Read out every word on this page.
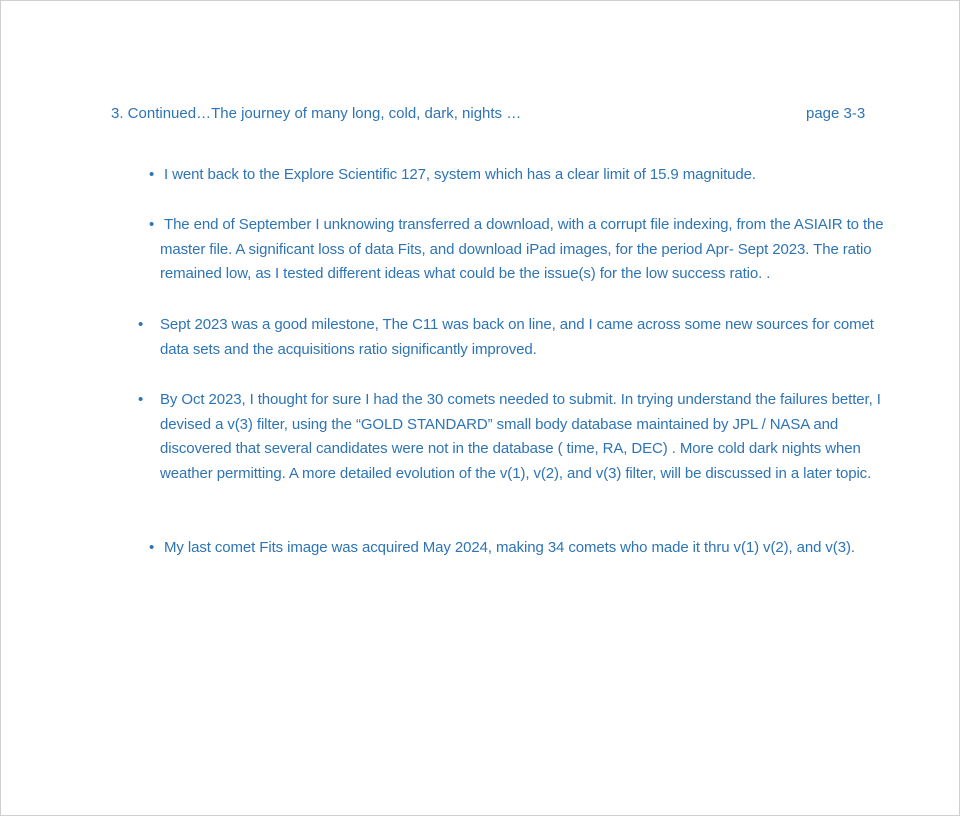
3. Continued…The journey of many long, cold, dark, nights …	page 3-3
• I went back to the Explore Scientific 127, system which has a clear limit of 15.9 magnitude.
• The end of September I unknowing transferred a download, with a corrupt file indexing, from the ASIAIR to the master file. A significant loss of data Fits, and download iPad images, for the period Apr- Sept 2023. The ratio remained low, as I tested different ideas what could be the issue(s) for the low success ratio. .
• Sept 2023 was a good milestone, The C11 was back on line, and I came across some new sources for comet data sets and the acquisitions ratio significantly improved.
• By Oct 2023, I thought for sure I had the 30 comets needed to submit. In trying understand the failures better, I devised a v(3) filter, using the “GOLD STANDARD” small body database maintained by JPL / NASA and discovered that several candidates were not in the database ( time, RA, DEC) . More cold dark nights when weather permitting. A more detailed evolution of the v(1), v(2), and v(3) filter, will be discussed in a later topic.
• My last comet Fits image was acquired May 2024, making 34 comets who made it thru v(1) v(2), and v(3).
